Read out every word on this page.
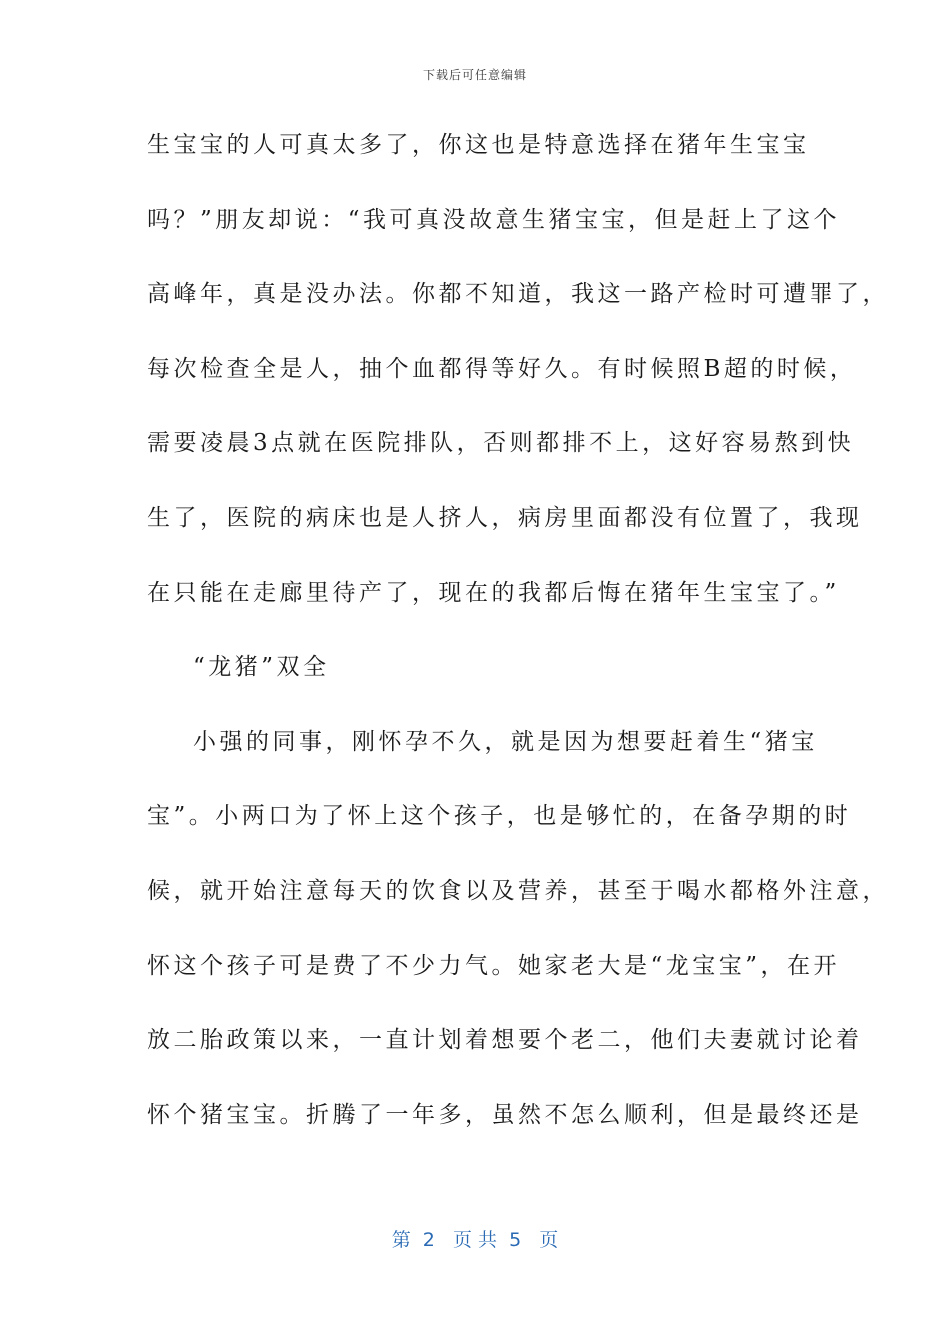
下载后可任意编辑
生宝宝的人可真太多了，你这也是特意选择在猪年生宝宝
吗？”朋友却说：“我可真没故意生猪宝宝，但是赶上了这个
高峰年，真是没办法。你都不知道，我这一路产检时可遭罪了，
每次检查全是人，抽个血都得等好久。有时候照B超的时候，
需要凌晨3点就在医院排队，否则都排不上，这好容易熬到快
生了，医院的病床也是人挤人，病房里面都没有位置了，我现
在只能在走廊里待产了，现在的我都后悔在猪年生宝宝了。”
“龙猪”双全
小强的同事，刚怀孕不久，就是因为想要赶着生“猪宝
宝”。小两口为了怀上这个孩子，也是够忙的，在备孕期的时
候，就开始注意每天的饮食以及营养，甚至于喝水都格外注意，
怀这个孩子可是费了不少力气。她家老大是“龙宝宝”，在开
放二胎政策以来，一直计划着想要个老二，他们夫妻就讨论着
怀个猪宝宝。折腾了一年多，虽然不怎么顺利，但是最终还是
第  2   页 共  5   页
